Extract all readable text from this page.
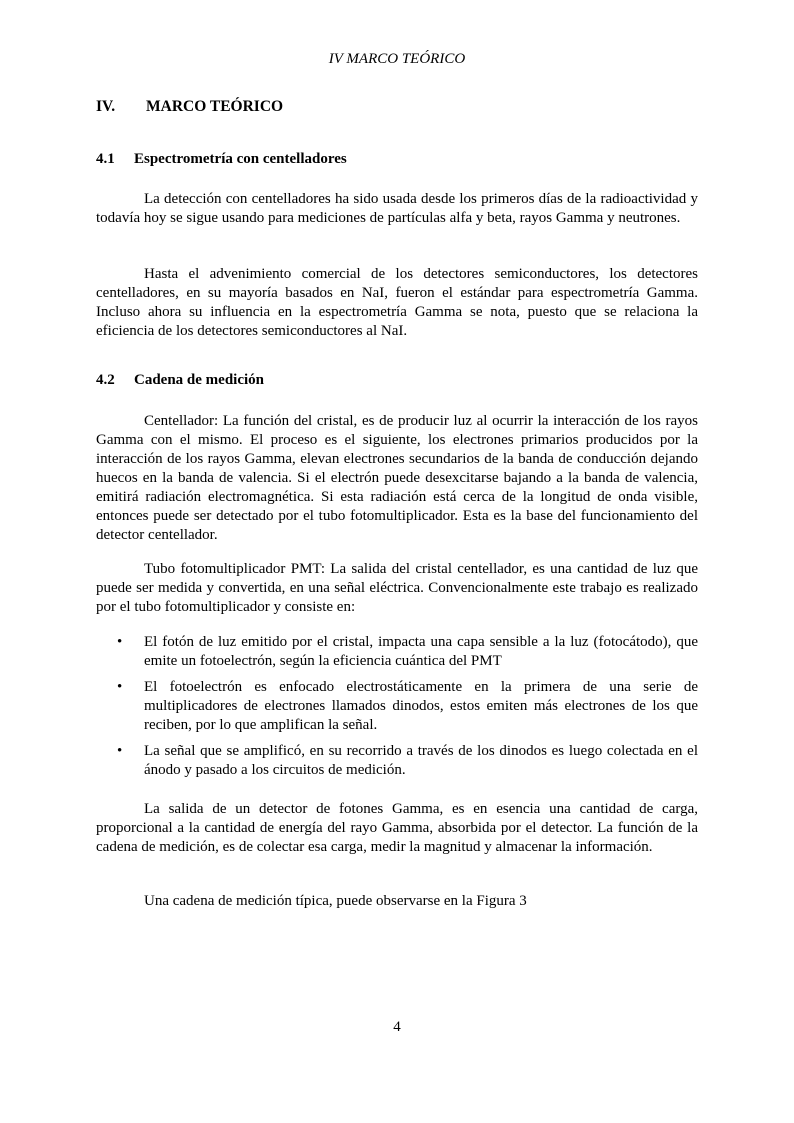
IV MARCO TEÓRICO
IV. MARCO TEÓRICO
4.1 Espectrometría con centelladores

La detección con centelladores ha sido usada desde los primeros días de la radioactividad y todavía hoy se sigue usando para mediciones de partículas alfa y beta, rayos Gamma y neutrones.

Hasta el advenimiento comercial de los detectores semiconductores, los detectores centelladores, en su mayoría basados en NaI, fueron el estándar para espectrometría Gamma. Incluso ahora su influencia en la espectrometría Gamma se nota, puesto que se relaciona la eficiencia de los detectores semiconductores al NaI.

4.2 Cadena de medición

Centellador: La función del cristal, es de producir luz al ocurrir la interacción de los rayos Gamma con el mismo. El proceso es el siguiente, los electrones primarios producidos por la interacción de los rayos Gamma, elevan electrones secundarios de la banda de conducción dejando huecos en la banda de valencia. Si el electrón puede desexcitarse bajando a la banda de valencia, emitirá radiación electromagnética. Si esta radiación está cerca de la longitud de onda visible, entonces puede ser detectado por el tubo fotomultiplicador. Esta es la base del funcionamiento del detector centellador.

Tubo fotomultiplicador PMT: La salida del cristal centellador, es una cantidad de luz que puede ser medida y convertida, en una señal eléctrica. Convencionalmente este trabajo es realizado por el tubo fotomultiplicador y consiste en:

• El fotón de luz emitido por el cristal, impacta una capa sensible a la luz (fotocátodo), que emite un fotoelectrón, según la eficiencia cuántica del PMT
• El fotoelectrón es enfocado electrostáticamente en la primera de una serie de multiplicadores de electrones llamados dinodos, estos emiten más electrones de los que reciben, por lo que amplifican la señal.
• La señal que se amplificó, en su recorrido a través de los dinodos es luego colectada en el ánodo y pasado a los circuitos de medición.

La salida de un detector de fotones Gamma, es en esencia una cantidad de carga, proporcional a la cantidad de energía del rayo Gamma, absorbida por el detector. La función de la cadena de medición, es de colectar esa carga, medir la magnitud y almacenar la información.

Una cadena de medición típica, puede observarse en la Figura 3

4
